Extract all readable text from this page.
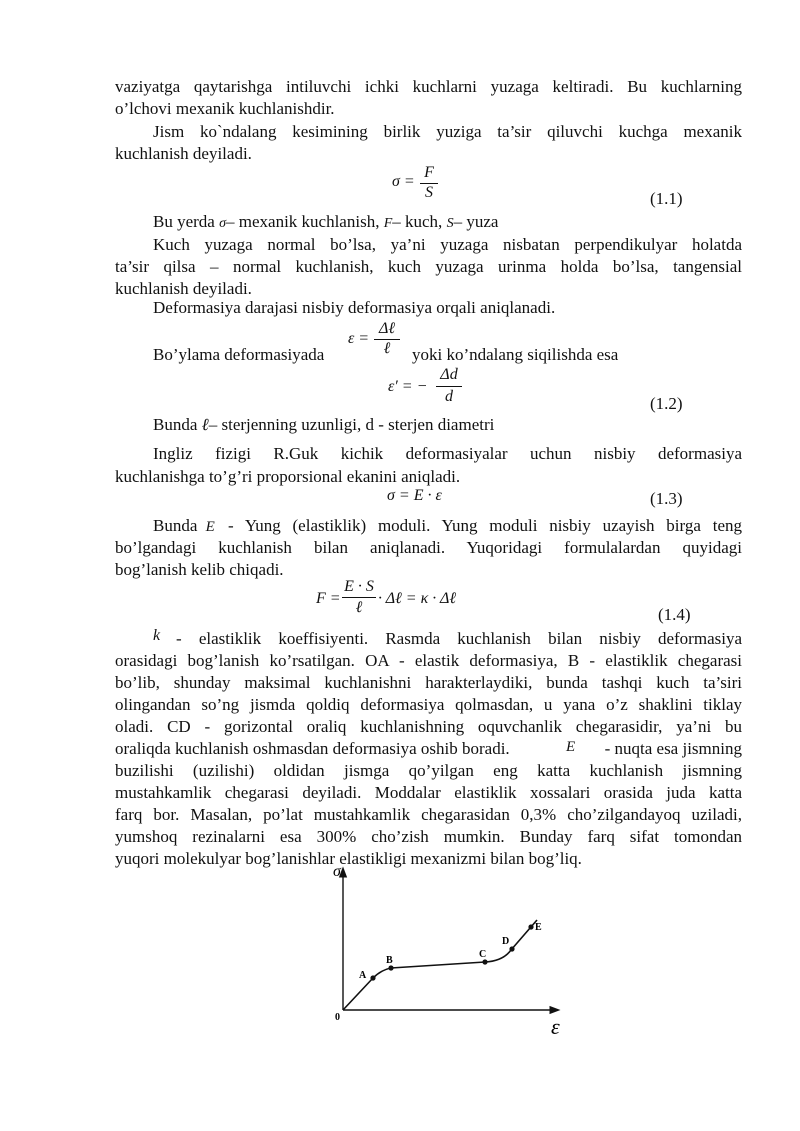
vaziyatga qaytarishga intiluvchi ichki kuchlarni yuzaga keltiradi. Bu kuchlarning
o’lchovi mexanik kuchlanishdir.
Jism ko`ndalang kesimining birlik yuziga ta’sir qiluvchi kuchga mexanik
kuchlanish deyiladi.
σ =
F
S	(1.1)
Bu yerda σ– mexanik kuchlanish, F– kuch, S– yuza
Kuch yuzaga normal bo’lsa, ya’ni yuzaga nisbatan perpendikulyar holatda
ta’sir qilsa – normal kuchlanish, kuch yuzaga urinma holda bo’lsa, tangensial
kuchlanish deyiladi.
Deformasiya darajasi nisbiy deformasiya orqali aniqlanadi.
Bo’ylama deformasiyada
ε =
Δℓ
ℓ	yoki ko’ndalang siqilishda esa
ε′ = −
Δd
d	(1.2)
Bunda ℓ– sterjenning uzunligi, d - sterjen diametri
Ingliz fizigi R.Guk kichik deformasiyalar uchun nisbiy deformasiya
kuchlanishga to’g’ri proporsional ekanini aniqladi.
σ = E · ε	(1.3)
Bunda E - Yung (elastiklik) moduli. Yung moduli nisbiy uzayish birga teng
bo’lgandagi kuchlanish bilan aniqlanadi. Yuqoridagi formulalardan quyidagi
bog’lanish kelib chiqadi.
F =
E · S
ℓ
· Δℓ = κ · Δℓ
(1.4)
k - elastiklik koeffisiyenti. Rasmda kuchlanish bilan nisbiy deformasiya
orasidagi bog’lanish ko’rsatilgan. OA - elastik deformasiya, B - elastiklik chegarasi
bo’lib, shunday maksimal kuchlanishni harakterlaydiki, bunda tashqi kuch ta’siri
olingandan so’ng jismda qoldiq deformasiya qolmasdan, u yana o’z shaklini tiklay
oladi. CD - gorizontal oraliq kuchlanishning oquvchanlik chegarasidir, ya’ni bu
oraliqda kuchlanish oshmasdan deformasiya oshib boradi.	E	- nuqta esa jismning
buzilishi (uzilishi) oldidan jismga qo’yilgan eng katta kuchlanish jismning
mustahkamlik chegarasi deyiladi. Moddalar elastiklik xossalari orasida juda katta
farq bor. Masalan, po’lat mustahkamlik chegarasidan 0,3% cho’zilgandayoq uziladi,
yumshoq rezinalarni esa 300% cho’zish mumkin. Bunday farq sifat tomondan
yuqori molekulyar bog’lanishlar elastikligi mexanizmi bilan bog’liq.
σ
ε
0
A
B
C
D
E
